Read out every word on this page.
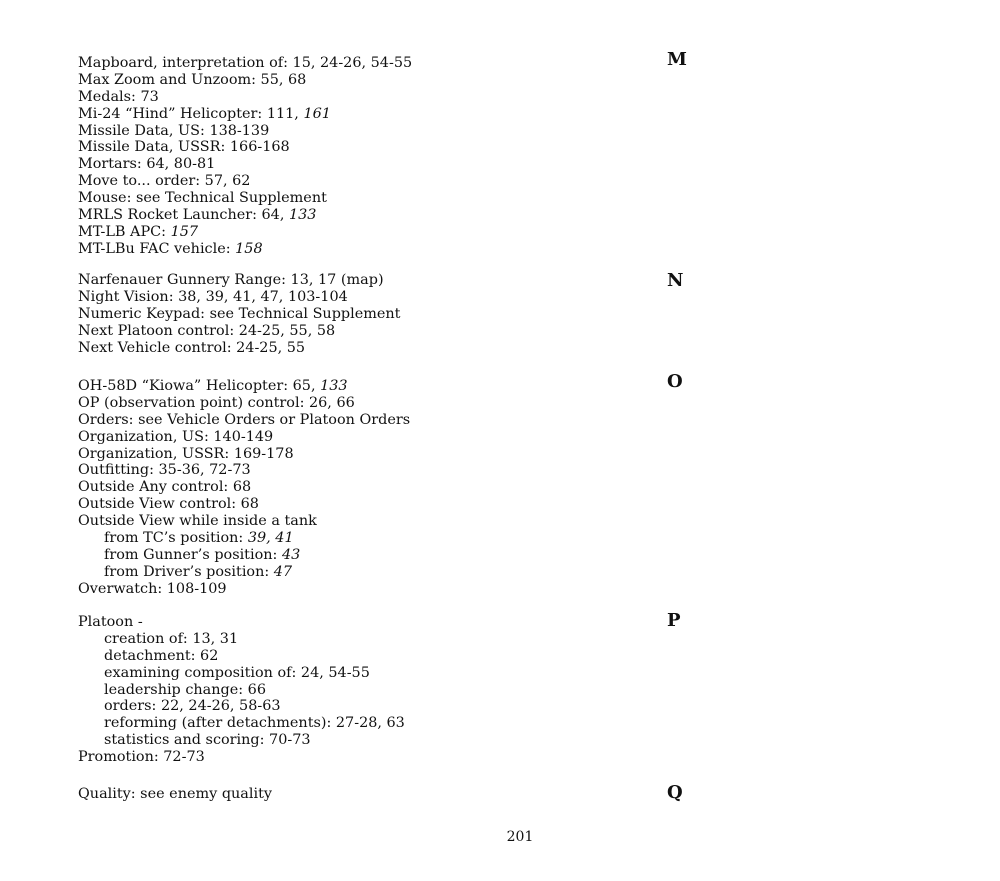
M
Mapboard, interpretation of: 15, 24-26, 54-55
Max Zoom and Unzoom: 55, 68
Medals: 73
Mi-24 “Hind” Helicopter: 111, 161
Missile Data, US: 138-139
Missile Data, USSR: 166-168
Mortars: 64, 80-81
Move to... order: 57, 62
Mouse: see Technical Supplement
MRLS Rocket Launcher: 64, 133
MT-LB APC: 157
MT-LBu FAC vehicle: 158
N
Narfenauer Gunnery Range: 13, 17 (map)
Night Vision: 38, 39, 41, 47, 103-104
Numeric Keypad: see Technical Supplement
Next Platoon control: 24-25, 55, 58
Next Vehicle control: 24-25, 55
O
OH-58D “Kiowa” Helicopter: 65, 133
OP (observation point) control: 26, 66
Orders: see Vehicle Orders or Platoon Orders
Organization, US: 140-149
Organization, USSR: 169-178
Outfitting: 35-36, 72-73
Outside Any control: 68
Outside View control: 68
Outside View while inside a tank
from TC’s position: 39, 41
from Gunner’s position: 43
from Driver’s position: 47
Overwatch: 108-109
P
Platoon -
creation of: 13, 31
detachment: 62
examining composition of: 24, 54-55
leadership change: 66
orders: 22, 24-26, 58-63
reforming (after detachments): 27-28, 63
statistics and scoring: 70-73
Promotion: 72-73
Q
Quality: see enemy quality
201
